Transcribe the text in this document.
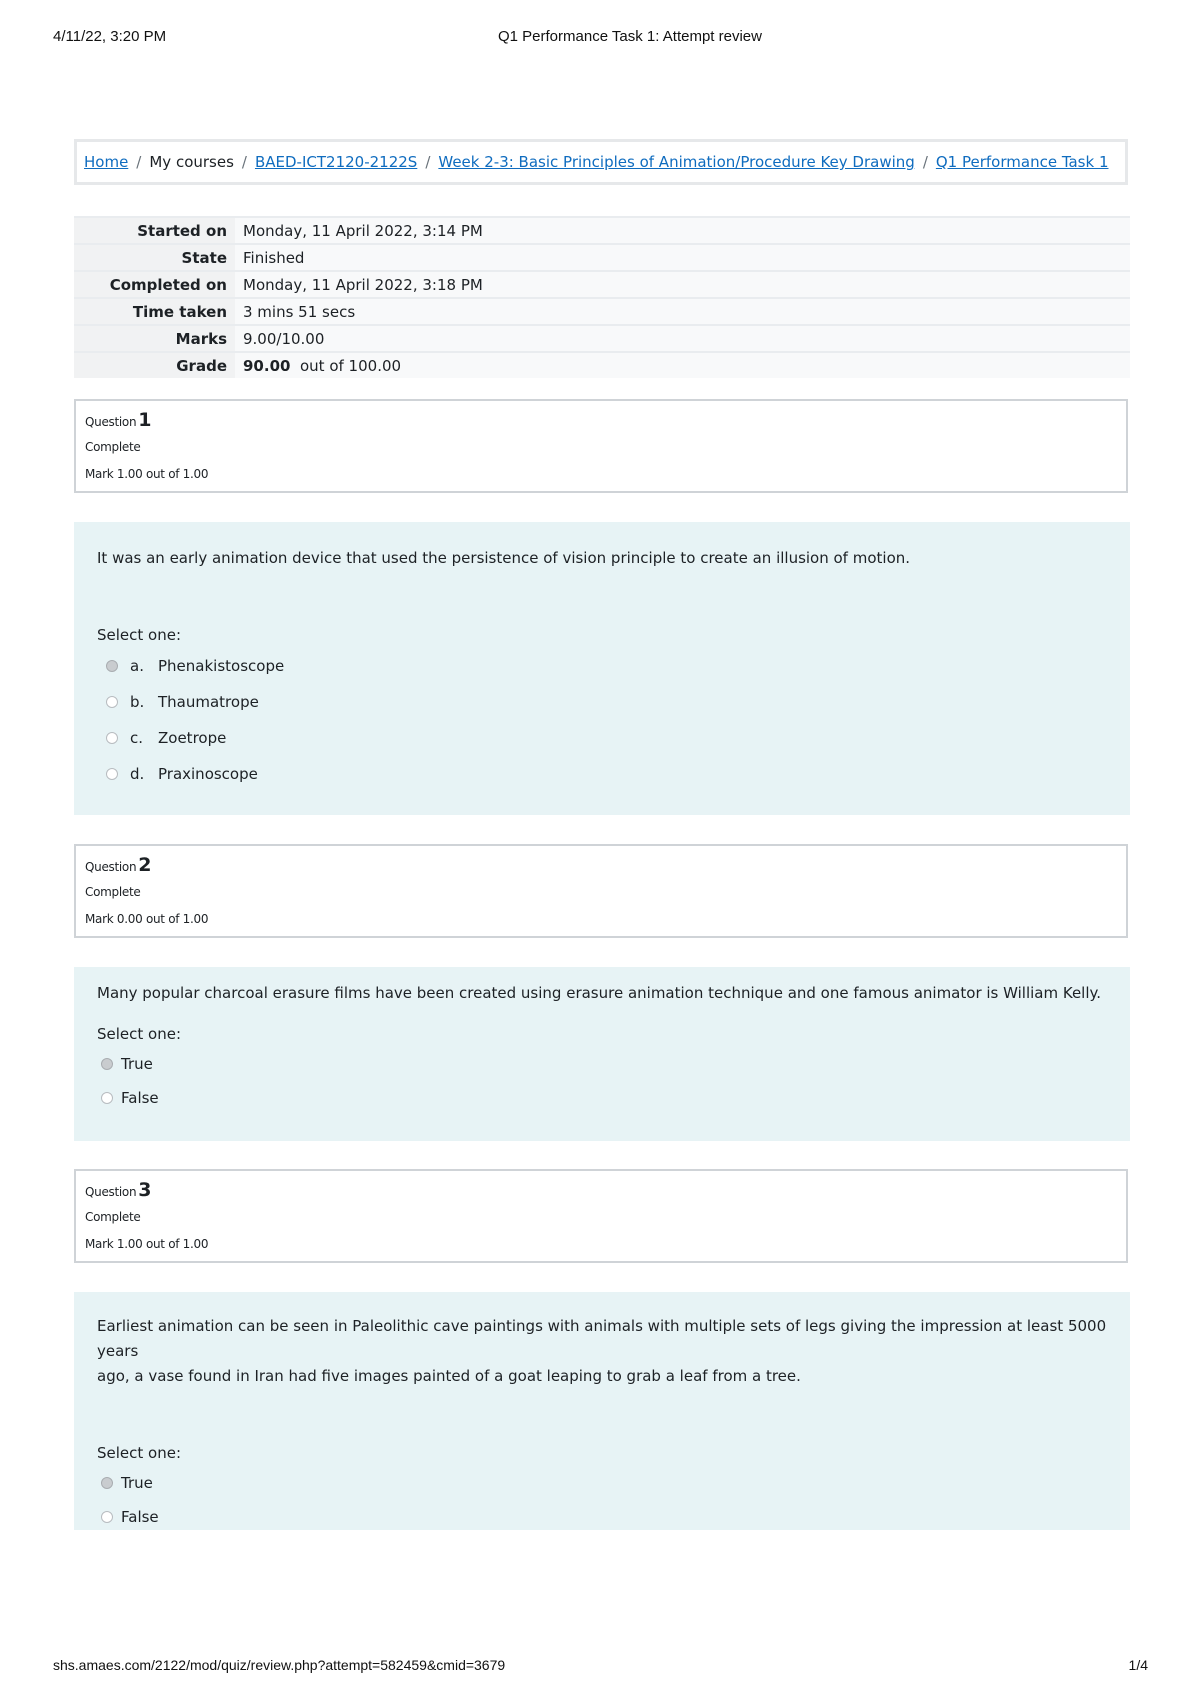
4/11/22, 3:20 PM	Q1 Performance Task 1: Attempt review
Home / My courses / BAED-ICT2120-2122S / Week 2-3: Basic Principles of Animation/Procedure Key Drawing / Q1 Performance Task 1
Started on	Monday, 11 April 2022, 3:14 PM
State	Finished
Completed on	Monday, 11 April 2022, 3:18 PM
Time taken	3 mins 51 secs
Marks	9.00/10.00
Grade	90.00 out of 100.00
Question 1
Complete
Mark 1.00 out of 1.00
It was an early animation device that used the persistence of vision principle to create an illusion of motion.
Select one:
a. Phenakistoscope
b. Thaumatrope
c. Zoetrope
d. Praxinoscope
Question 2
Complete
Mark 0.00 out of 1.00
Many popular charcoal erasure films have been created using erasure animation technique and one famous animator is William Kelly.
Select one:
True
False
Question 3
Complete
Mark 1.00 out of 1.00
Earliest animation can be seen in Paleolithic cave paintings with animals with multiple sets of legs giving the impression at least 5000 years
ago, a vase found in Iran had five images painted of a goat leaping to grab a leaf from a tree.
Select one:
True
False
shs.amaes.com/2122/mod/quiz/review.php?attempt=582459&cmid=3679	1/4
